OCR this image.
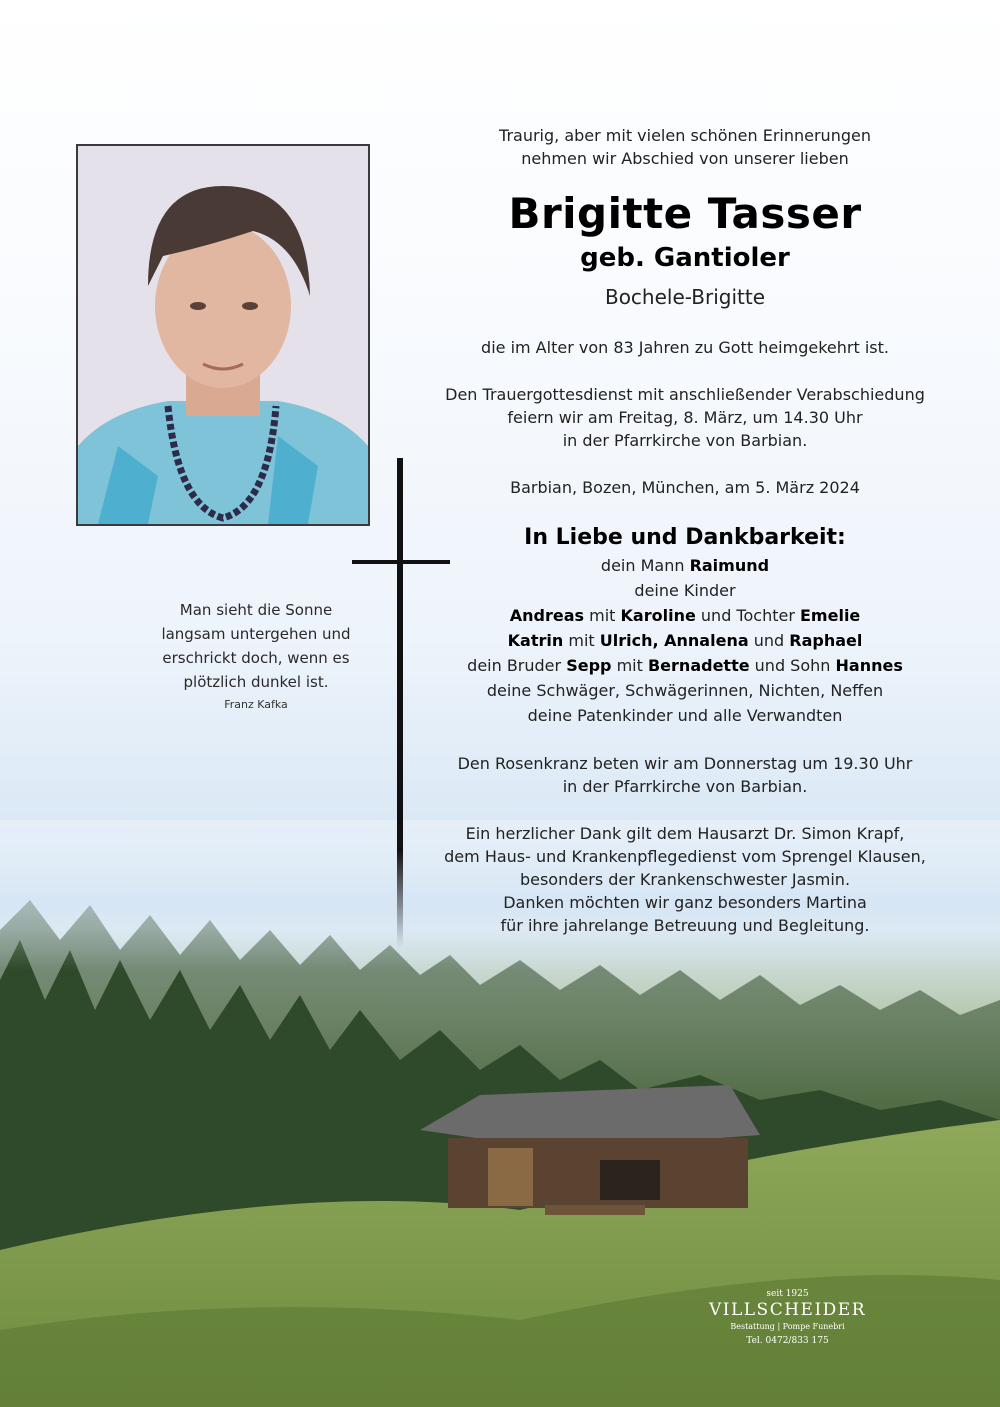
Man sieht die Sonne
langsam untergehen und
erschrickt doch, wenn es
plötzlich dunkel ist.
Franz Kafka
Traurig, aber mit vielen schönen Erinnerungen
nehmen wir Abschied von unserer lieben
Brigitte Tasser
geb. Gantioler
Bochele-Brigitte
die im Alter von 83 Jahren zu Gott heimgekehrt ist.
Den Trauergottesdienst mit anschließender Verabschiedung
feiern wir am Freitag, 8. März, um 14.30 Uhr
in der Pfarrkirche von Barbian.
Barbian, Bozen, München, am 5. März 2024
In Liebe und Dankbarkeit:
dein Mann Raimund
deine Kinder
Andreas mit Karoline und Tochter Emelie
Katrin mit Ulrich, Annalena und Raphael
dein Bruder Sepp mit Bernadette und Sohn Hannes
deine Schwäger, Schwägerinnen, Nichten, Neffen
deine Patenkinder und alle Verwandten
Den Rosenkranz beten wir am Donnerstag um 19.30 Uhr
in der Pfarrkirche von Barbian.
Ein herzlicher Dank gilt dem Hausarzt Dr. Simon Krapf,
dem Haus- und Krankenpflegedienst vom Sprengel Klausen,
besonders der Krankenschwester Jasmin.
Danken möchten wir ganz besonders Martina
für ihre jahrelange Betreuung und Begleitung.
seit 1925
VILLSCHEIDER
Bestattung | Pompe Funebri
Tel. 0472/833 175
